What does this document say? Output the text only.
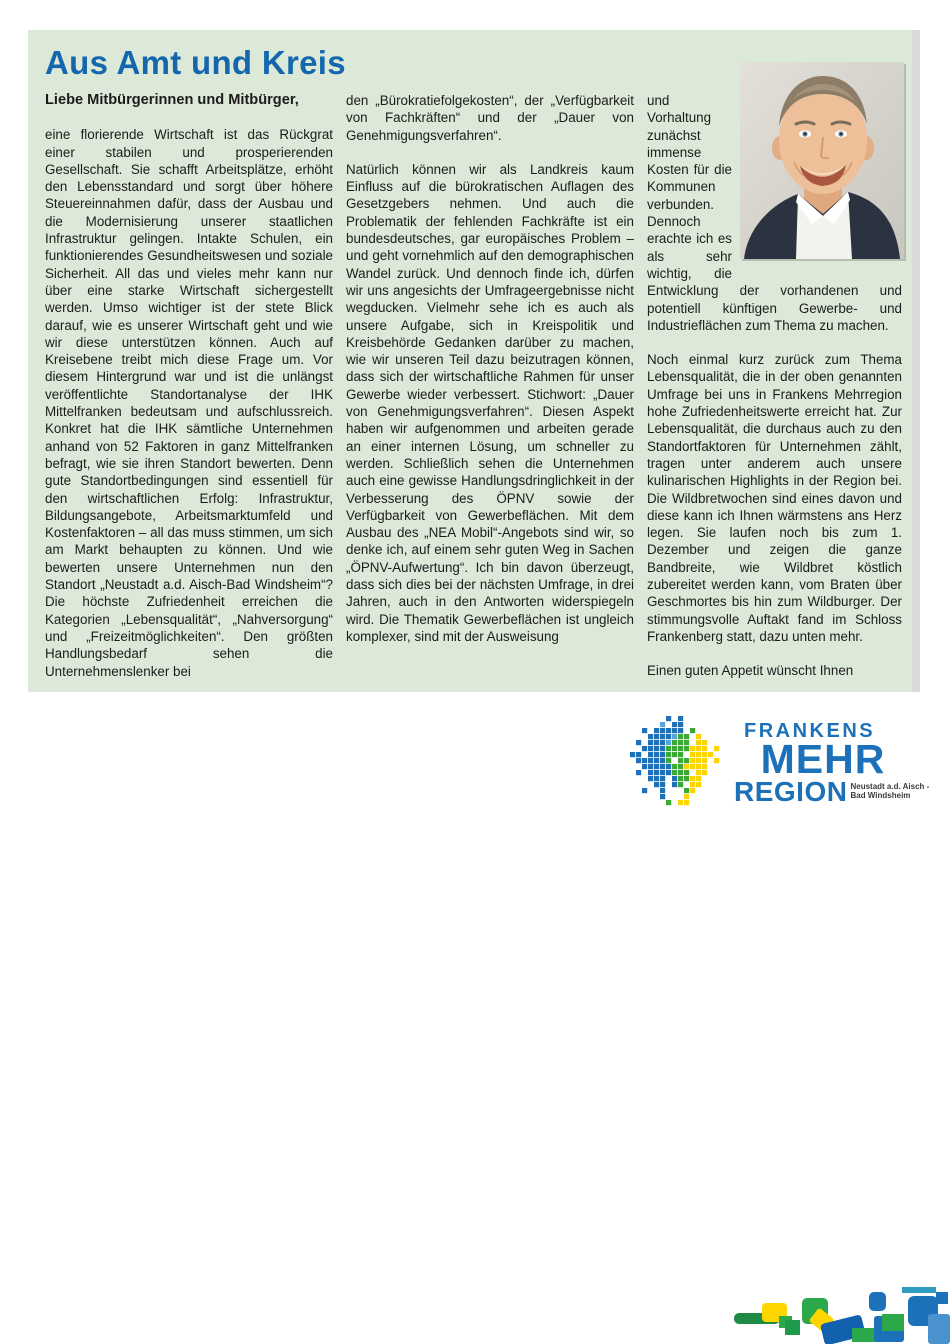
Aus Amt und Kreis

Liebe Mitbürgerinnen und Mitbürger,

eine florierende Wirtschaft ist das Rückgrat einer stabilen und prosperierenden Gesellschaft. Sie schafft Arbeitsplätze, erhöht den Lebensstandard und sorgt über höhere Steuereinnahmen dafür, dass der Ausbau und die Modernisierung unserer staatlichen Infrastruktur gelingen. Intakte Schulen, ein funktionierendes Gesundheitswesen und soziale Sicherheit. All das und vieles mehr kann nur über eine starke Wirtschaft sichergestellt werden. Umso wichtiger ist der stete Blick darauf, wie es unserer Wirtschaft geht und wie wir diese unterstützen können. Auch auf Kreisebene treibt mich diese Frage um. Vor diesem Hintergrund war und ist die unlängst veröffentlichte Standortanalyse der IHK Mittelfranken bedeutsam und aufschlussreich. Konkret hat die IHK sämtliche Unternehmen anhand von 52 Faktoren in ganz Mittelfranken befragt, wie sie ihren Standort bewerten. Denn gute Standortbedingungen sind essentiell für den wirtschaftlichen Erfolg: Infrastruktur, Bildungsangebote, Arbeitsmarktumfeld und Kostenfaktoren – all das muss stimmen, um sich am Markt behaupten zu können. Und wie bewerten unsere Unternehmen nun den Standort „Neustadt a.d. Aisch-Bad Windsheim“? Die höchste Zufriedenheit erreichen die Kategorien „Lebensqualität“, „Nahversorgung“ und „Freizeitmöglichkeiten“. Den größten Handlungsbedarf sehen die Unternehmenslenker bei

den „Bürokratiefolgekosten“, der „Verfügbarkeit von Fachkräften“ und der „Dauer von Genehmigungsverfahren“.

Natürlich können wir als Landkreis kaum Einfluss auf die bürokratischen Auflagen des Gesetzgebers nehmen. Und auch die Problematik der fehlenden Fachkräfte ist ein bundesdeutsches, gar europäisches Problem – und geht vornehmlich auf den demographischen Wandel zurück. Und dennoch finde ich, dürfen wir uns angesichts der Umfrageergebnisse nicht wegducken. Vielmehr sehe ich es auch als unsere Aufgabe, sich in Kreispolitik und Kreisbehörde Gedanken darüber zu machen, wie wir unseren Teil dazu beizutragen können, dass sich der wirtschaftliche Rahmen für unser Gewerbe wieder verbessert. Stichwort: „Dauer von Genehmigungsverfahren“. Diesen Aspekt haben wir aufgenommen und arbeiten gerade an einer internen Lösung, um schneller zu werden. Schließlich sehen die Unternehmen auch eine gewisse Handlungsdringlichkeit in der Verbesserung des ÖPNV sowie der Verfügbarkeit von Gewerbeflächen. Mit dem Ausbau des „NEA Mobil“-Angebots sind wir, so denke ich, auf einem sehr guten Weg in Sachen „ÖPNV-Aufwertung“. Ich bin davon überzeugt, dass sich dies bei der nächsten Umfrage, in drei Jahren, auch in den Antworten widerspiegeln wird. Die Thematik Gewerbeflächen ist ungleich komplexer, sind mit der Ausweisung

und Vorhaltung zunächst immense Kosten für die Kommunen verbunden. Dennoch erachte ich es als sehr wichtig, die Entwicklung der vorhandenen und potentiell künftigen Gewerbe- und Industrieflächen zum Thema zu machen.

Noch einmal kurz zurück zum Thema Lebensqualität, die in der oben genannten Umfrage bei uns in Frankens Mehrregion hohe Zufriedenheitswerte erreicht hat. Zur Lebensqualität, die durchaus auch zu den Standortfaktoren für Unternehmen zählt, tragen unter anderem auch unsere kulinarischen Highlights in der Region bei. Die Wildbretwochen sind eines davon und diese kann ich Ihnen wärmstens ans Herz legen. Sie laufen noch bis zum 1. Dezember und zeigen die ganze Bandbreite, wie Wildbret köstlich zubereitet werden kann, vom Braten über Geschmortes bis hin zum Wildburger. Der stimmungsvolle Auftakt fand im Schloss Frankenberg statt, dazu unten mehr.

Einen guten Appetit wünscht Ihnen

FRANKENS
MEHR
REGION Neustadt a.d. Aisch -
Bad Windsheim
